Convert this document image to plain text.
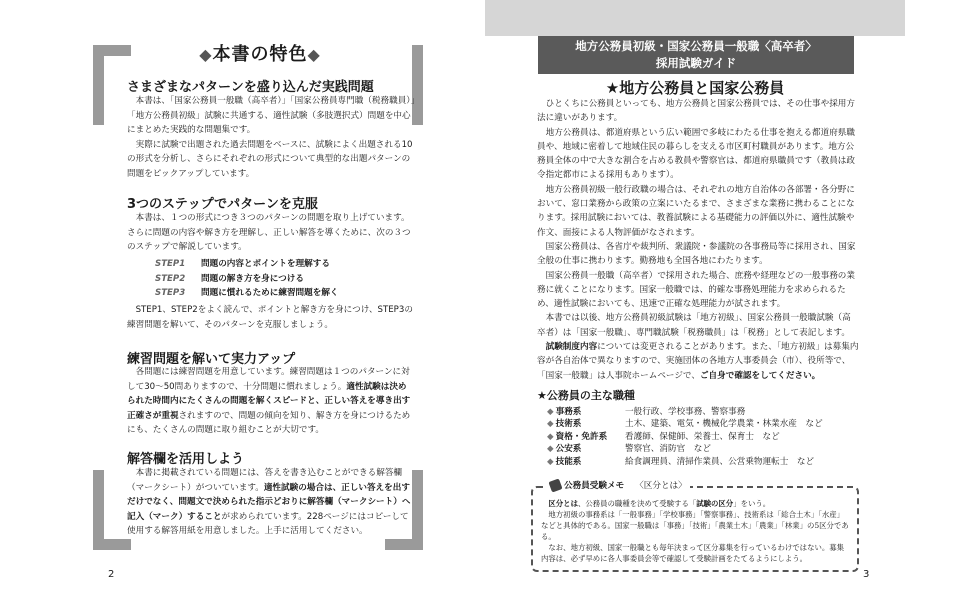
◆本書の特色◆
さまざまなパターンを盛り込んだ実践問題

本書は、「国家公務員一般職（高卒者）」「国家公務員専門職（税務職員）」「地方公務員初級」試験に共通する、適性試験（多肢選択式）問題を中心にまとめた実践的な問題集です。

実際に試験で出題された過去問題をベースに、試験によく出題される10の形式を分析し、さらにそれぞれの形式について典型的な出題パターンの問題をピックアップしています。

3つのステップでパターンを克服

本書は、１つの形式につき３つのパターンの問題を取り上げています。さらに問題の内容や解き方を理解し、正しい解答を導くために、次の３つのステップで解説しています。

STEP1	問題の内容とポイントを理解する
STEP2	問題の解き方を身につける
STEP3	問題に慣れるために練習問題を解く

STEP1、STEP2をよく読んで、ポイントと解き方を身につけ、STEP3の練習問題を解いて、そのパターンを克服しましょう。

練習問題を解いて実力アップ

各問題には練習問題を用意しています。練習問題は１つのパターンに対して30～50問ありますので、十分問題に慣れましょう。適性試験は決められた時間内にたくさんの問題を解くスピードと、正しい答えを導き出す正確さが重視されますので、問題の傾向を知り、解き方を身につけるためにも、たくさんの問題に取り組むことが大切です。

解答欄を活用しよう

本書に掲載されている問題には、答えを書き込むことができる解答欄（マークシート）がついています。適性試験の場合は、正しい答えを出すだけでなく、問題文で決められた指示どおりに解答欄（マークシート）へ記入（マーク）することが求められています。228ページにはコピーして使用する解答用紙を用意しました。上手に活用してください。

2
地方公務員初級・国家公務員一般職〈高卒者〉
採用試験ガイド
★地方公務員と国家公務員

ひとくちに公務員といっても、地方公務員と国家公務員では、その仕事や採用方法に違いがあります。

地方公務員は、都道府県という広い範囲で多岐にわたる仕事を抱える都道府県職員や、地域に密着して地域住民の暮らしを支える市区町村職員があります。地方公務員全体の中で大きな割合を占める教員や警察官は、都道府県職員です（教員は政令指定都市による採用もあります）。

地方公務員初級一般行政職の場合は、それぞれの地方自治体の各部署・各分野において、窓口業務から政策の立案にいたるまで、さまざまな業務に携わることになります。採用試験においては、教養試験による基礎能力の評価以外に、適性試験や作文、面接による人物評価がなされます。

国家公務員は、各省庁や裁判所、衆議院・参議院の各事務局等に採用され、国家全般の仕事に携わります。勤務地も全国各地にわたります。

国家公務員一般職（高卒者）で採用された場合、庶務や経理などの一般事務の業務に就くことになります。国家一般職では、的確な事務処理能力を求められるため、適性試験においても、迅速で正確な処理能力が試されます。

本書では以後、地方公務員初級試験は「地方初級」、国家公務員一般職試験（高卒者）は「国家一般職」、専門職試験「税務職員」は「税務」として表記します。

試験制度内容については変更されることがあります。また、「地方初級」は募集内容が各自治体で異なりますので、実施団体の各地方人事委員会（市）、役所等で、「国家一般職」は人事院ホームページで、ご自身で確認をしてください。

★公務員の主な職種
◆ 事務系	一般行政、学校事務、警察事務
◆ 技術系	土木、建築、電気・機械化学農業・林業水産　など
◆ 資格・免許系	看護師、保健師、栄養士、保育士　など
◆ 公安系	警察官、消防官　など
◆ 技能系	給食調理員、清掃作業員、公営乗物運転士　など
公務員受験メモ 〈区分とは〉

区分とは、公務員の職種を決めて受験する「試験の区分」をいう。

地方初級の事務系は「一般事務」「学校事務」「警察事務」、技術系は「総合土木」「水産」などと具体的である。国家一般職は「事務」「技術」「農業土木」「農業」「林業」の5区分である。

なお、地方初級、国家一般職とも毎年決まって区分募集を行っているわけではない。募集内容は、必ず早めに各人事委員会等で確認して受験計画をたてるようにしよう。

3
